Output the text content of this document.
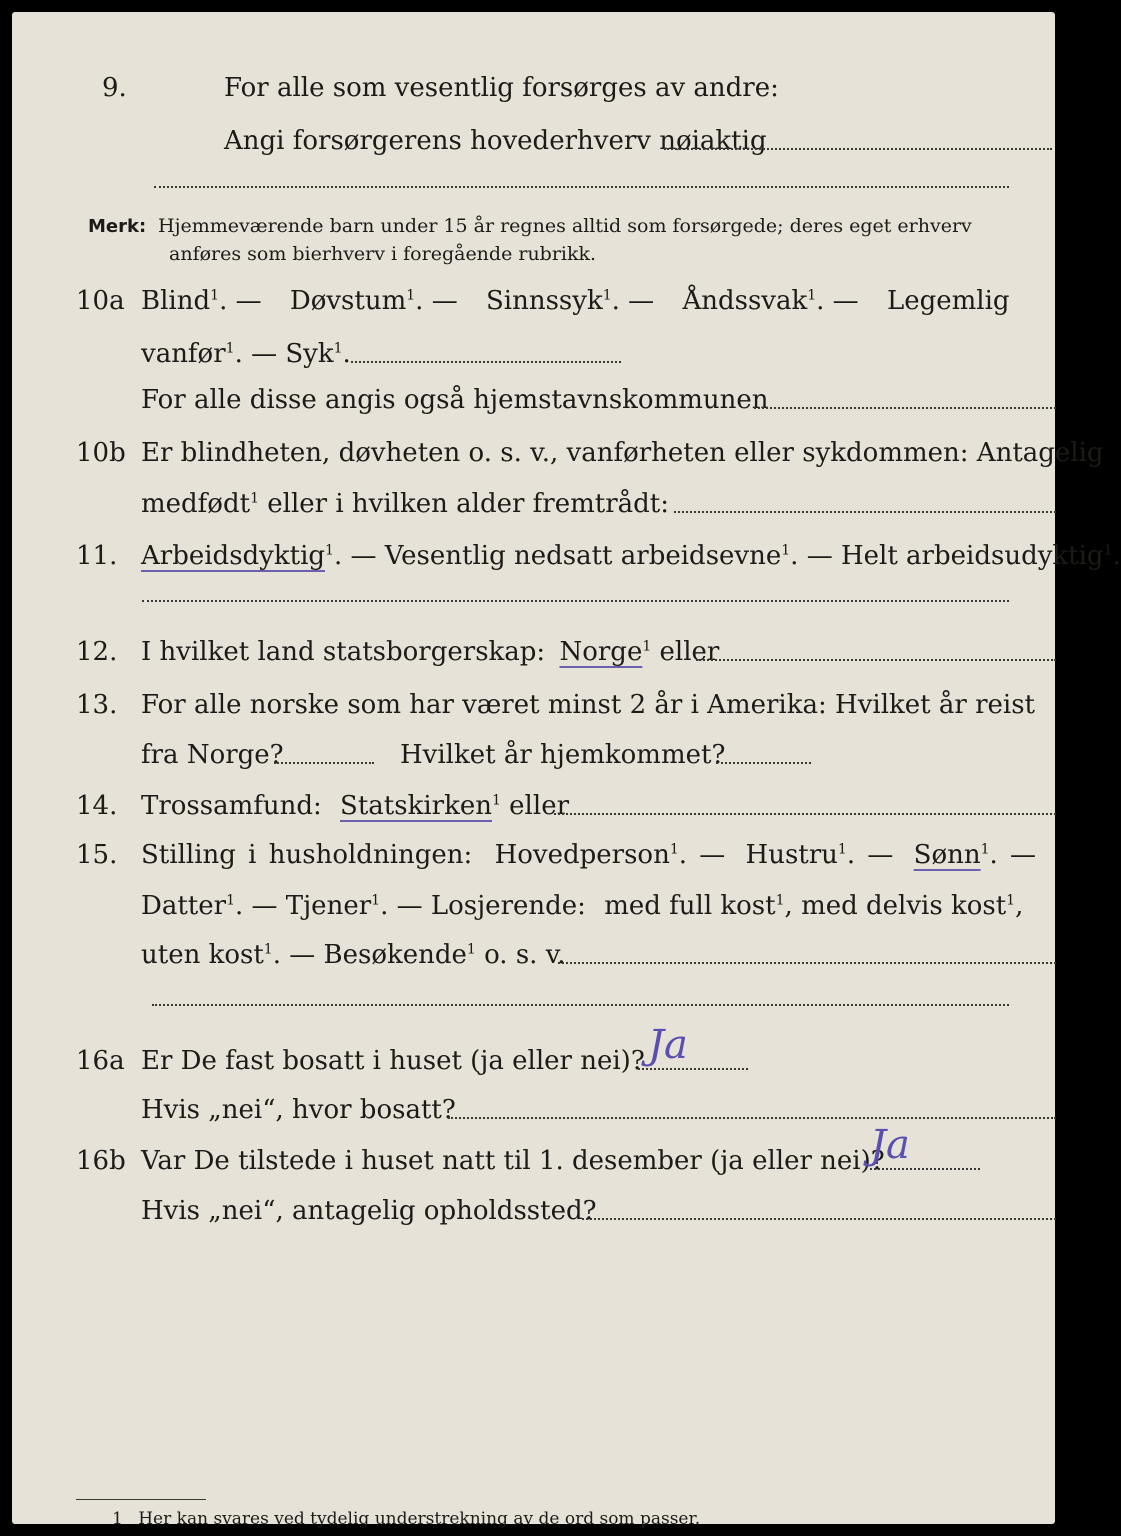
9.	For alle som vesentlig forsørges av andre:
Angi forsørgerens hovederhverv nøiaktig
Merk: Hjemmeværende barn under 15 år regnes alltid som forsørgede; deres eget erhverv
anføres som bierhverv i foregående rubrikk.
10a Blind$^1$. — Døvstum$^1$. — Sinnssyk$^1$. — Åndssvak$^1$. — Legemlig
vanfør$^1$. — Syk$^1$.
For alle disse angis også hjemstavnskommunen
10b Er blindheten, døvheten o. s. v., vanførheten eller sykdommen: Antagelig
medfødt$^1$ eller i hvilken alder fremtrådt:
11. Arbeidsdyktig$^1$. — Vesentlig nedsatt arbeidsevne$^1$. — Helt arbeidsudyktig$^1$.
12. I hvilket land statsborgerskap: Norge$^1$ eller
13. For alle norske som har været minst 2 år i Amerika: Hvilket år reist
fra Norge?	Hvilket år hjemkommet?
14. Trossamfund: Statskirken$^1$ eller
15. Stilling i husholdningen: Hovedperson$^1$. — Hustru$^1$. — Sønn$^1$. —
Datter$^1$. — Tjener$^1$. — Losjerende: med full kost$^1$, med delvis kost$^1$,
uten kost$^1$. — Besøkende$^1$ o. s. v.
16a Er De fast bosatt i huset (ja eller nei)? Ja
Hvis „nei“, hvor bosatt?
16b Var De tilstede i huset natt til 1. desember (ja eller nei)?
Ja
Hvis „nei“, antagelig opholdssted?
1 Her kan svares ved tydelig understrekning av de ord som passer.
